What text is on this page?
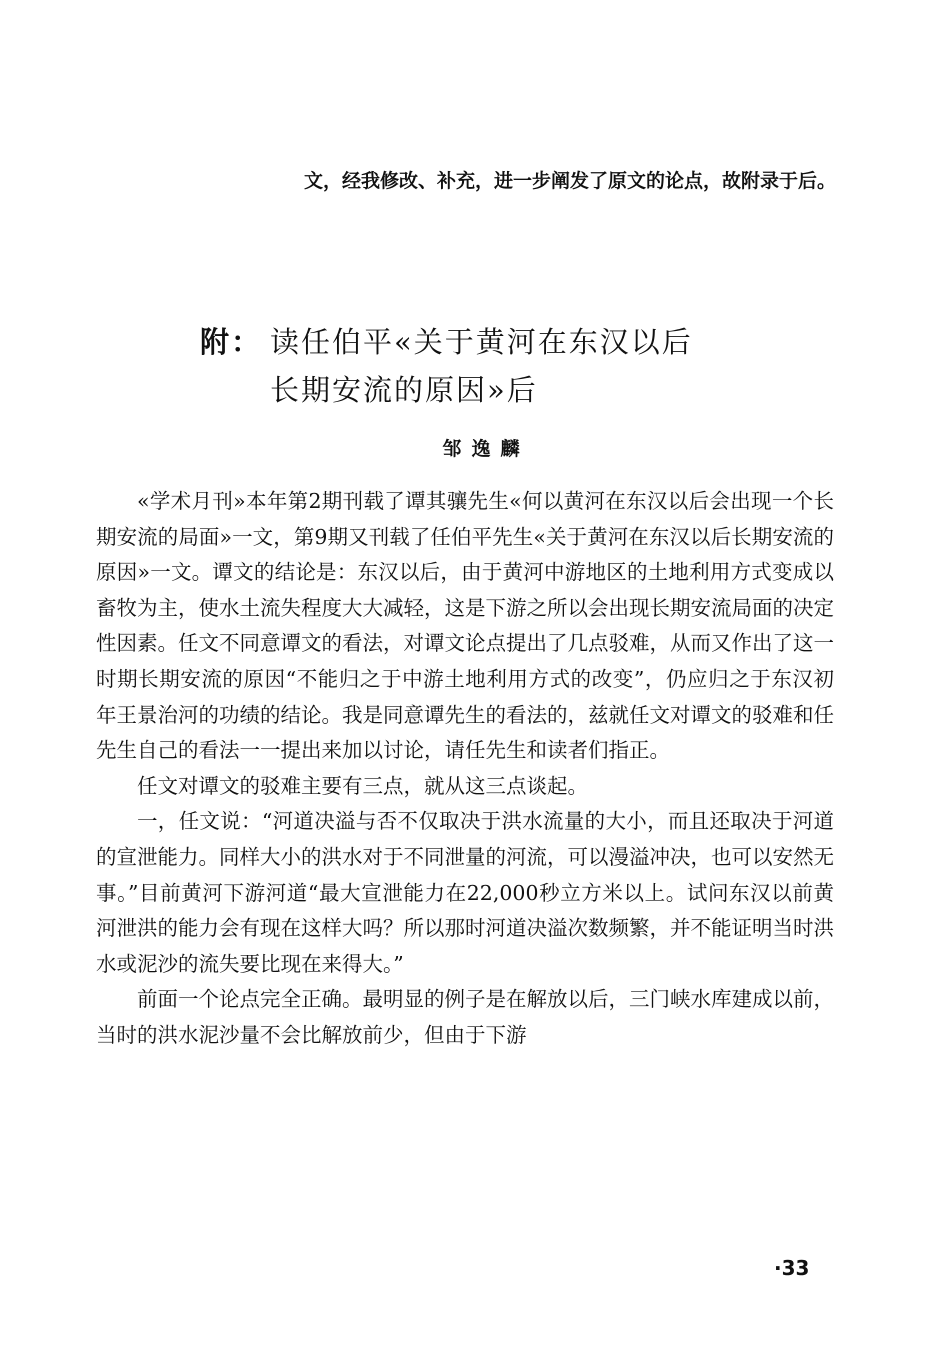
文，经我修改、补充，进一步阐发了原文的论点，故附录于后。
附： 读任伯平«关于黄河在东汉以后
长期安流的原因»后
邹逸麟

«学术月刊»本年第2期刊载了谭其骧先生«何以黄河在东汉以后会出现一个长期安流的局面»一文，第9期又刊载了任伯平先生«关于黄河在东汉以后长期安流的原因»一文。谭文的结论是：东汉以后，由于黄河中游地区的土地利用方式变成以畜牧为主，使水土流失程度大大减轻，这是下游之所以会出现长期安流局面的决定性因素。任文不同意谭文的看法，对谭文论点提出了几点驳难，从而又作出了这一时期长期安流的原因“不能归之于中游土地利用方式的改变”，仍应归之于东汉初年王景治河的功绩的结论。我是同意谭先生的看法的，兹就任文对谭文的驳难和任先生自己的看法一一提出来加以讨论，请任先生和读者们指正。

任文对谭文的驳难主要有三点，就从这三点谈起。

一，任文说：“河道决溢与否不仅取决于洪水流量的大小，而且还取决于河道的宣泄能力。同样大小的洪水对于不同泄量的河流，可以漫溢冲决，也可以安然无事。”目前黄河下游河道“最大宣泄能力在22,000秒立方米以上。试问东汉以前黄河泄洪的能力会有现在这样大吗？所以那时河道决溢次数频繁，并不能证明当时洪水或泥沙的流失要比现在来得大。”

前面一个论点完全正确。最明显的例子是在解放以后，三门峡水库建成以前，当时的洪水泥沙量不会比解放前少，但由于下游

·33
